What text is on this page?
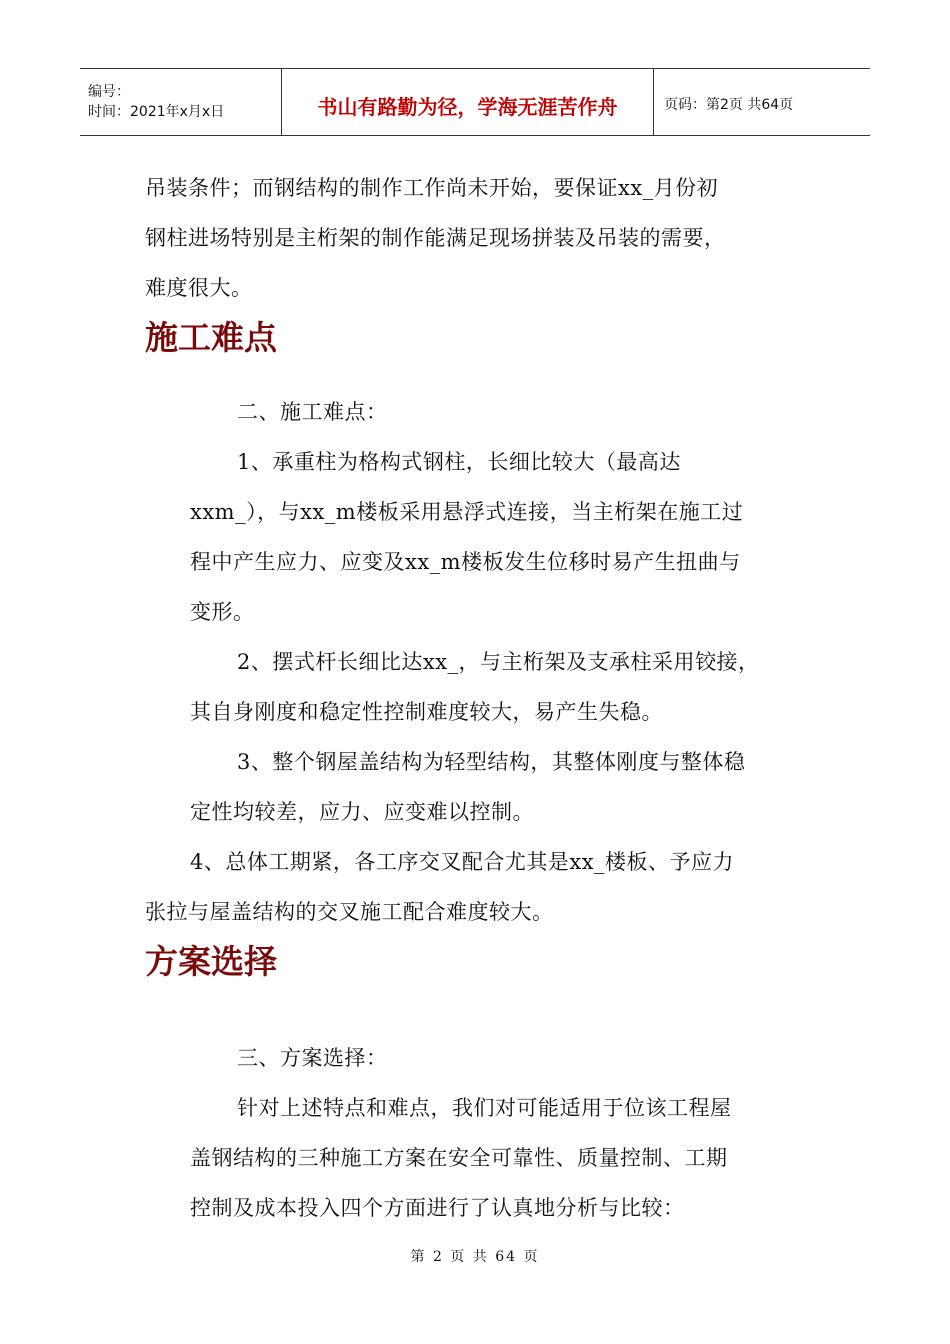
编号：
时间：2021年x月x日	书山有路勤为径，学海无涯苦作舟	页码：第2页 共64页
吊装条件；而钢结构的制作工作尚未开始，要保证xx_月份初
钢柱进场特别是主桁架的制作能满足现场拼装及吊装的需要，
难度很大。
施工难点
二、施工难点：
1、承重柱为格构式钢柱，长细比较大（最高达
xxm_），与xx_m楼板采用悬浮式连接，当主桁架在施工过
程中产生应力、应变及xx_m楼板发生位移时易产生扭曲与
变形。
2、摆式杆长细比达xx_，与主桁架及支承柱采用铰接，
其自身刚度和稳定性控制难度较大，易产生失稳。
3、整个钢屋盖结构为轻型结构，其整体刚度与整体稳
定性均较差，应力、应变难以控制。
4、总体工期紧，各工序交叉配合尤其是xx_楼板、予应力
张拉与屋盖结构的交叉施工配合难度较大。
方案选择
三、方案选择：
针对上述特点和难点，我们对可能适用于位该工程屋
盖钢结构的三种施工方案在安全可靠性、质量控制、工期
控制及成本投入四个方面进行了认真地分析与比较：
第 2 页 共 64 页
